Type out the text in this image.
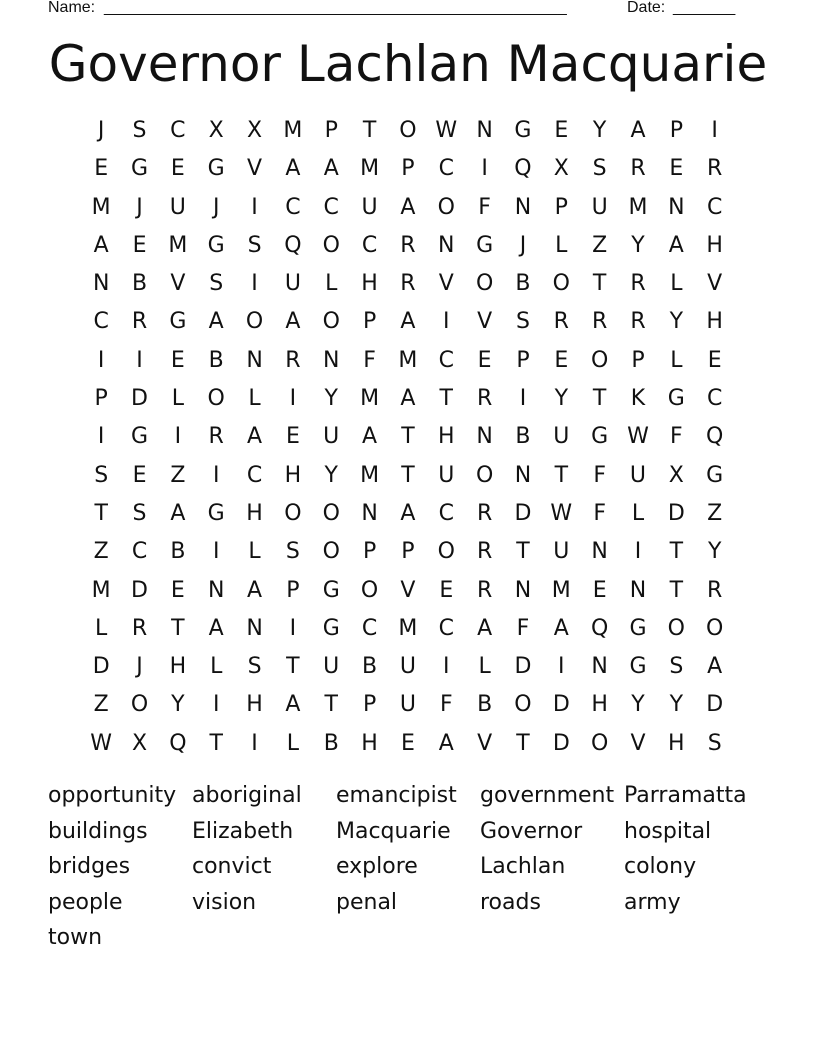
Name: ____________________________________________________	Date: _______
Governor Lachlan Macquarie
J	S	C	X	X M	P	T	O W N G	E	Y	A	P	I
E	G	E	G	V	A	A M	P	C	I	Q	X	S	R	E	R
M	J	U	J	I	C	C	U	A	O	F	N	P	U M N	C
A	E M G	S	Q O	C	R	N G	J	L	Z	Y	A	H
N	B	V	S	I	U	L	H	R	V	O	B	O	T	R	L	V
C	R	G	A	O	A	O	P	A	I	V	S	R	R	R	Y	H
I	I	E	B	N	R	N	F	M C	E	P	E	O	P	L	E
P	D	L	O	L	I	Y	M A	T	R	I	Y	T	K	G	C
I	G	I	R	A	E	U	A	T	H N	B	U G W F	Q
S	E	Z	I	C	H	Y	M	T	U O N	T	F	U	X	G
T	S	A	G H O O N	A	C	R	D W F	L	D	Z
Z	C	B	I	L	S	O	P	P	O	R	T	U	N	I	T	Y
M D	E	N	A	P	G O	V	E	R	N M E	N	T	R
L	R	T	A	N	I	G	C M C	A	F	A	Q G O O
D	J	H	L	S	T	U	B	U	I	L	D	I	N G	S	A
Z	O	Y	I	H	A	T	P	U	F	B	O D H	Y	Y	D
W X	Q	T	I	L	B	H	E	A	V	T	D O	V	H	S
opportunity aboriginal	emancipist	government Parramatta
buildings	Elizabeth	Macquarie	Governor	hospital
bridges	convict	explore	Lachlan	colony
people	vision	penal	roads	army
town
